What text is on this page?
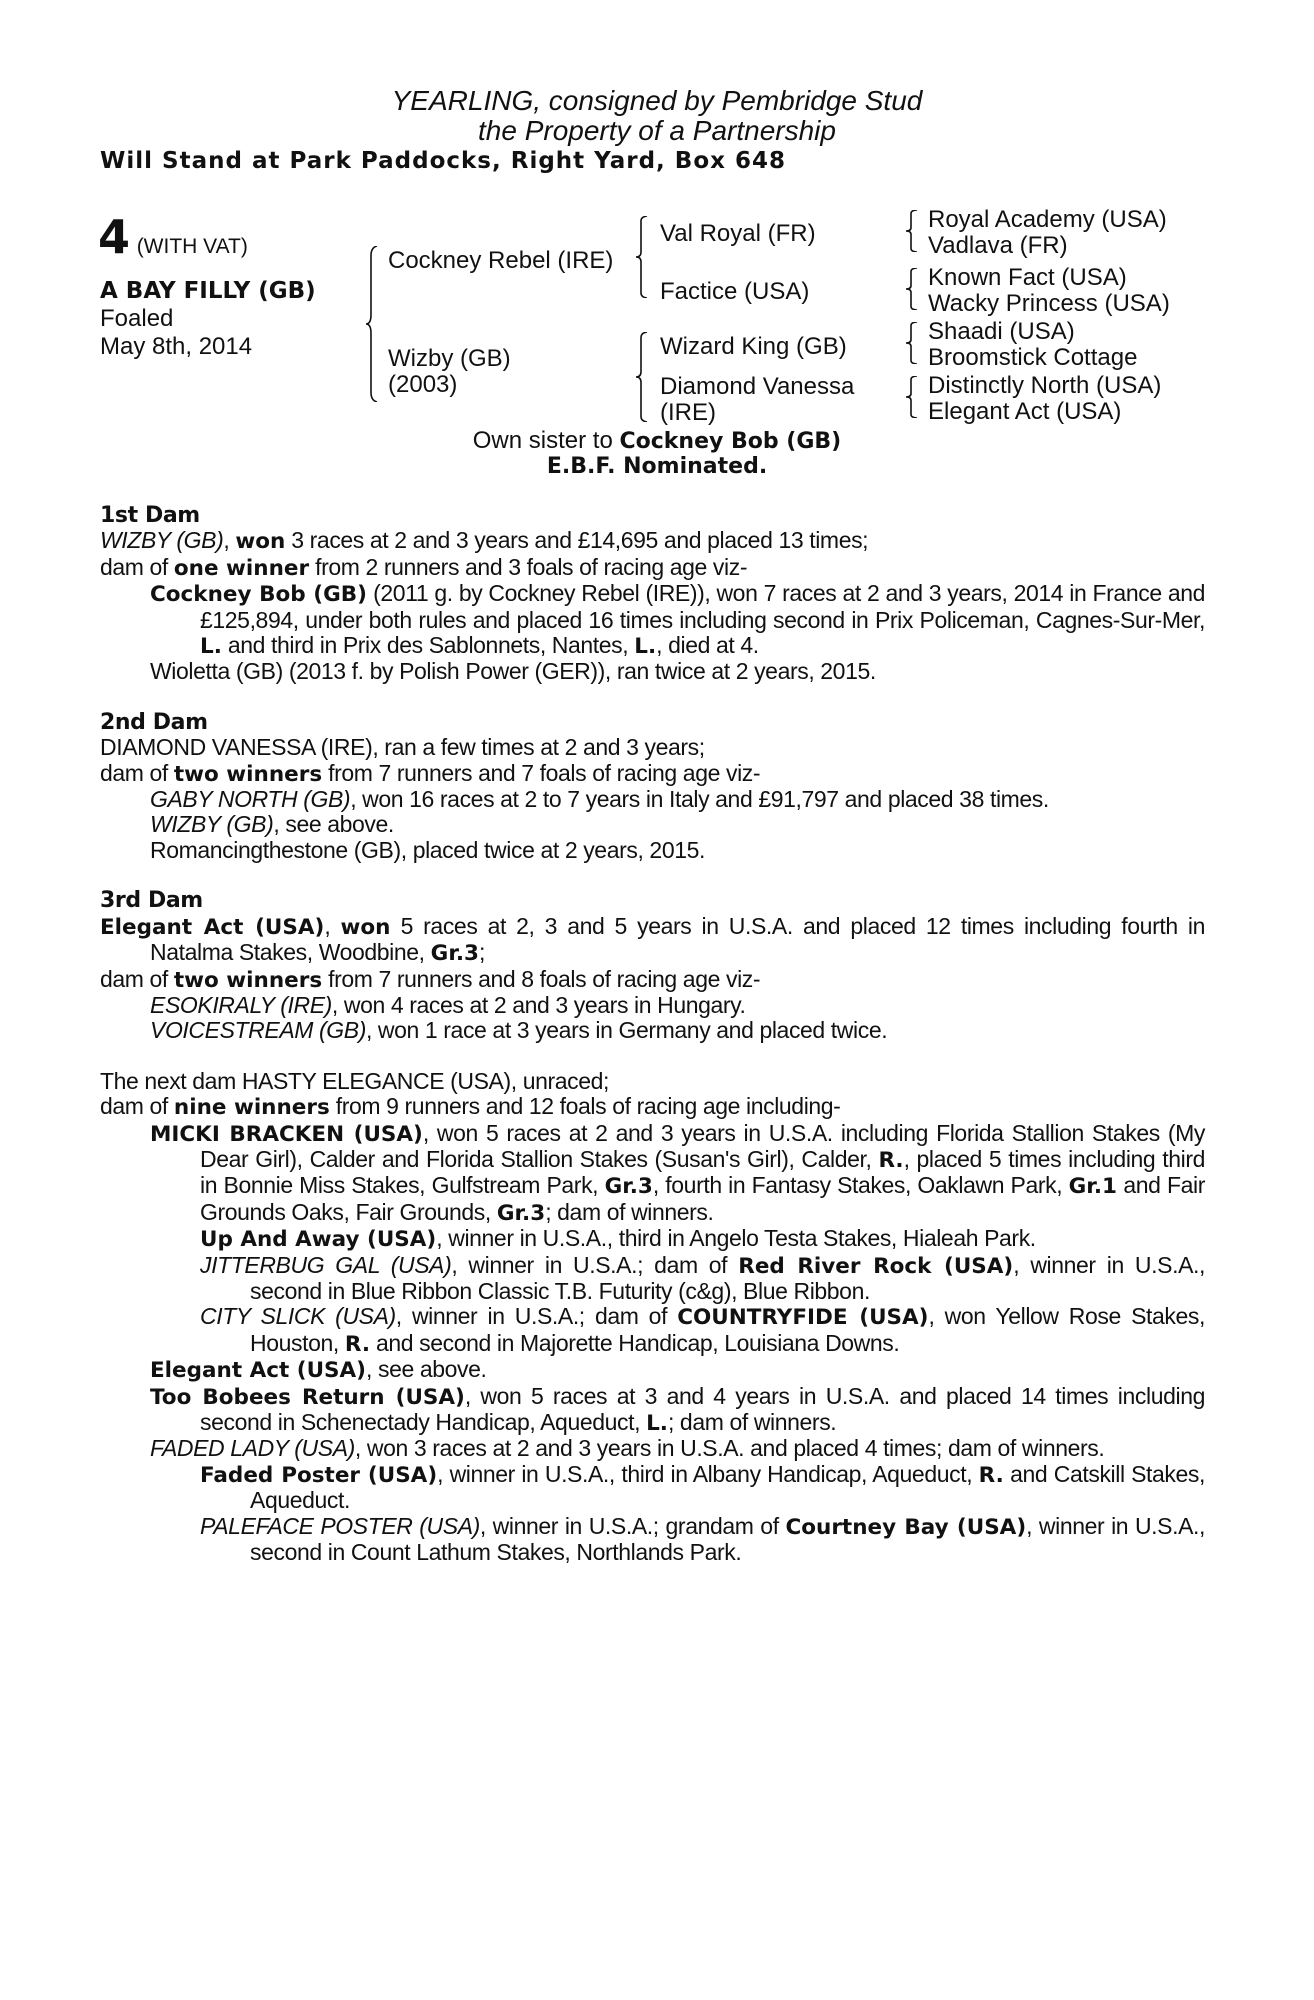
YEARLING, consigned by Pembridge Stud
the Property of a Partnership
Will Stand at Park Paddocks, Right Yard, Box 648
4 (WITH VAT)
A BAY FILLY (GB)
Foaled
May 8th, 2014
Cockney Rebel (IRE)
Wizby (GB)
(2003)
Val Royal (FR)
Factice (USA)
Wizard King (GB)
Diamond Vanessa
(IRE)
Royal Academy (USA)
Vadlava (FR)
Known Fact (USA)
Wacky Princess (USA)
Shaadi (USA)
Broomstick Cottage
Distinctly North (USA)
Elegant Act (USA)
Own sister to Cockney Bob (GB)
E.B.F. Nominated.
1st Dam
WIZBY (GB), won 3 races at 2 and 3 years and £14,695 and placed 13 times;
dam of one winner from 2 runners and 3 foals of racing age viz-
Cockney Bob (GB) (2011 g. by Cockney Rebel (IRE)), won 7 races at 2 and 3 years, 2014 in France and £125,894, under both rules and placed 16 times including second in Prix Policeman, Cagnes-Sur-Mer, L. and third in Prix des Sablonnets, Nantes, L., died at 4.
Wioletta (GB) (2013 f. by Polish Power (GER)), ran twice at 2 years, 2015.
2nd Dam
DIAMOND VANESSA (IRE), ran a few times at 2 and 3 years;
dam of two winners from 7 runners and 7 foals of racing age viz-
GABY NORTH (GB), won 16 races at 2 to 7 years in Italy and £91,797 and placed 38 times.
WIZBY (GB), see above.
Romancingthestone (GB), placed twice at 2 years, 2015.
3rd Dam
Elegant Act (USA), won 5 races at 2, 3 and 5 years in U.S.A. and placed 12 times including fourth in Natalma Stakes, Woodbine, Gr.3;
dam of two winners from 7 runners and 8 foals of racing age viz-
ESOKIRALY (IRE), won 4 races at 2 and 3 years in Hungary.
VOICESTREAM (GB), won 1 race at 3 years in Germany and placed twice.
The next dam HASTY ELEGANCE (USA), unraced;
dam of nine winners from 9 runners and 12 foals of racing age including-
MICKI BRACKEN (USA), won 5 races at 2 and 3 years in U.S.A. including Florida Stallion Stakes (My Dear Girl), Calder and Florida Stallion Stakes (Susan's Girl), Calder, R., placed 5 times including third in Bonnie Miss Stakes, Gulfstream Park, Gr.3, fourth in Fantasy Stakes, Oaklawn Park, Gr.1 and Fair Grounds Oaks, Fair Grounds, Gr.3; dam of winners.
Up And Away (USA), winner in U.S.A., third in Angelo Testa Stakes, Hialeah Park.
JITTERBUG GAL (USA), winner in U.S.A.; dam of Red River Rock (USA), winner in U.S.A., second in Blue Ribbon Classic T.B. Futurity (c&g), Blue Ribbon.
CITY SLICK (USA), winner in U.S.A.; dam of COUNTRYFIDE (USA), won Yellow Rose Stakes, Houston, R. and second in Majorette Handicap, Louisiana Downs.
Elegant Act (USA), see above.
Too Bobees Return (USA), won 5 races at 3 and 4 years in U.S.A. and placed 14 times including second in Schenectady Handicap, Aqueduct, L.; dam of winners.
FADED LADY (USA), won 3 races at 2 and 3 years in U.S.A. and placed 4 times; dam of winners.
Faded Poster (USA), winner in U.S.A., third in Albany Handicap, Aqueduct, R. and Catskill Stakes, Aqueduct.
PALEFACE POSTER (USA), winner in U.S.A.; grandam of Courtney Bay (USA), winner in U.S.A., second in Count Lathum Stakes, Northlands Park.
